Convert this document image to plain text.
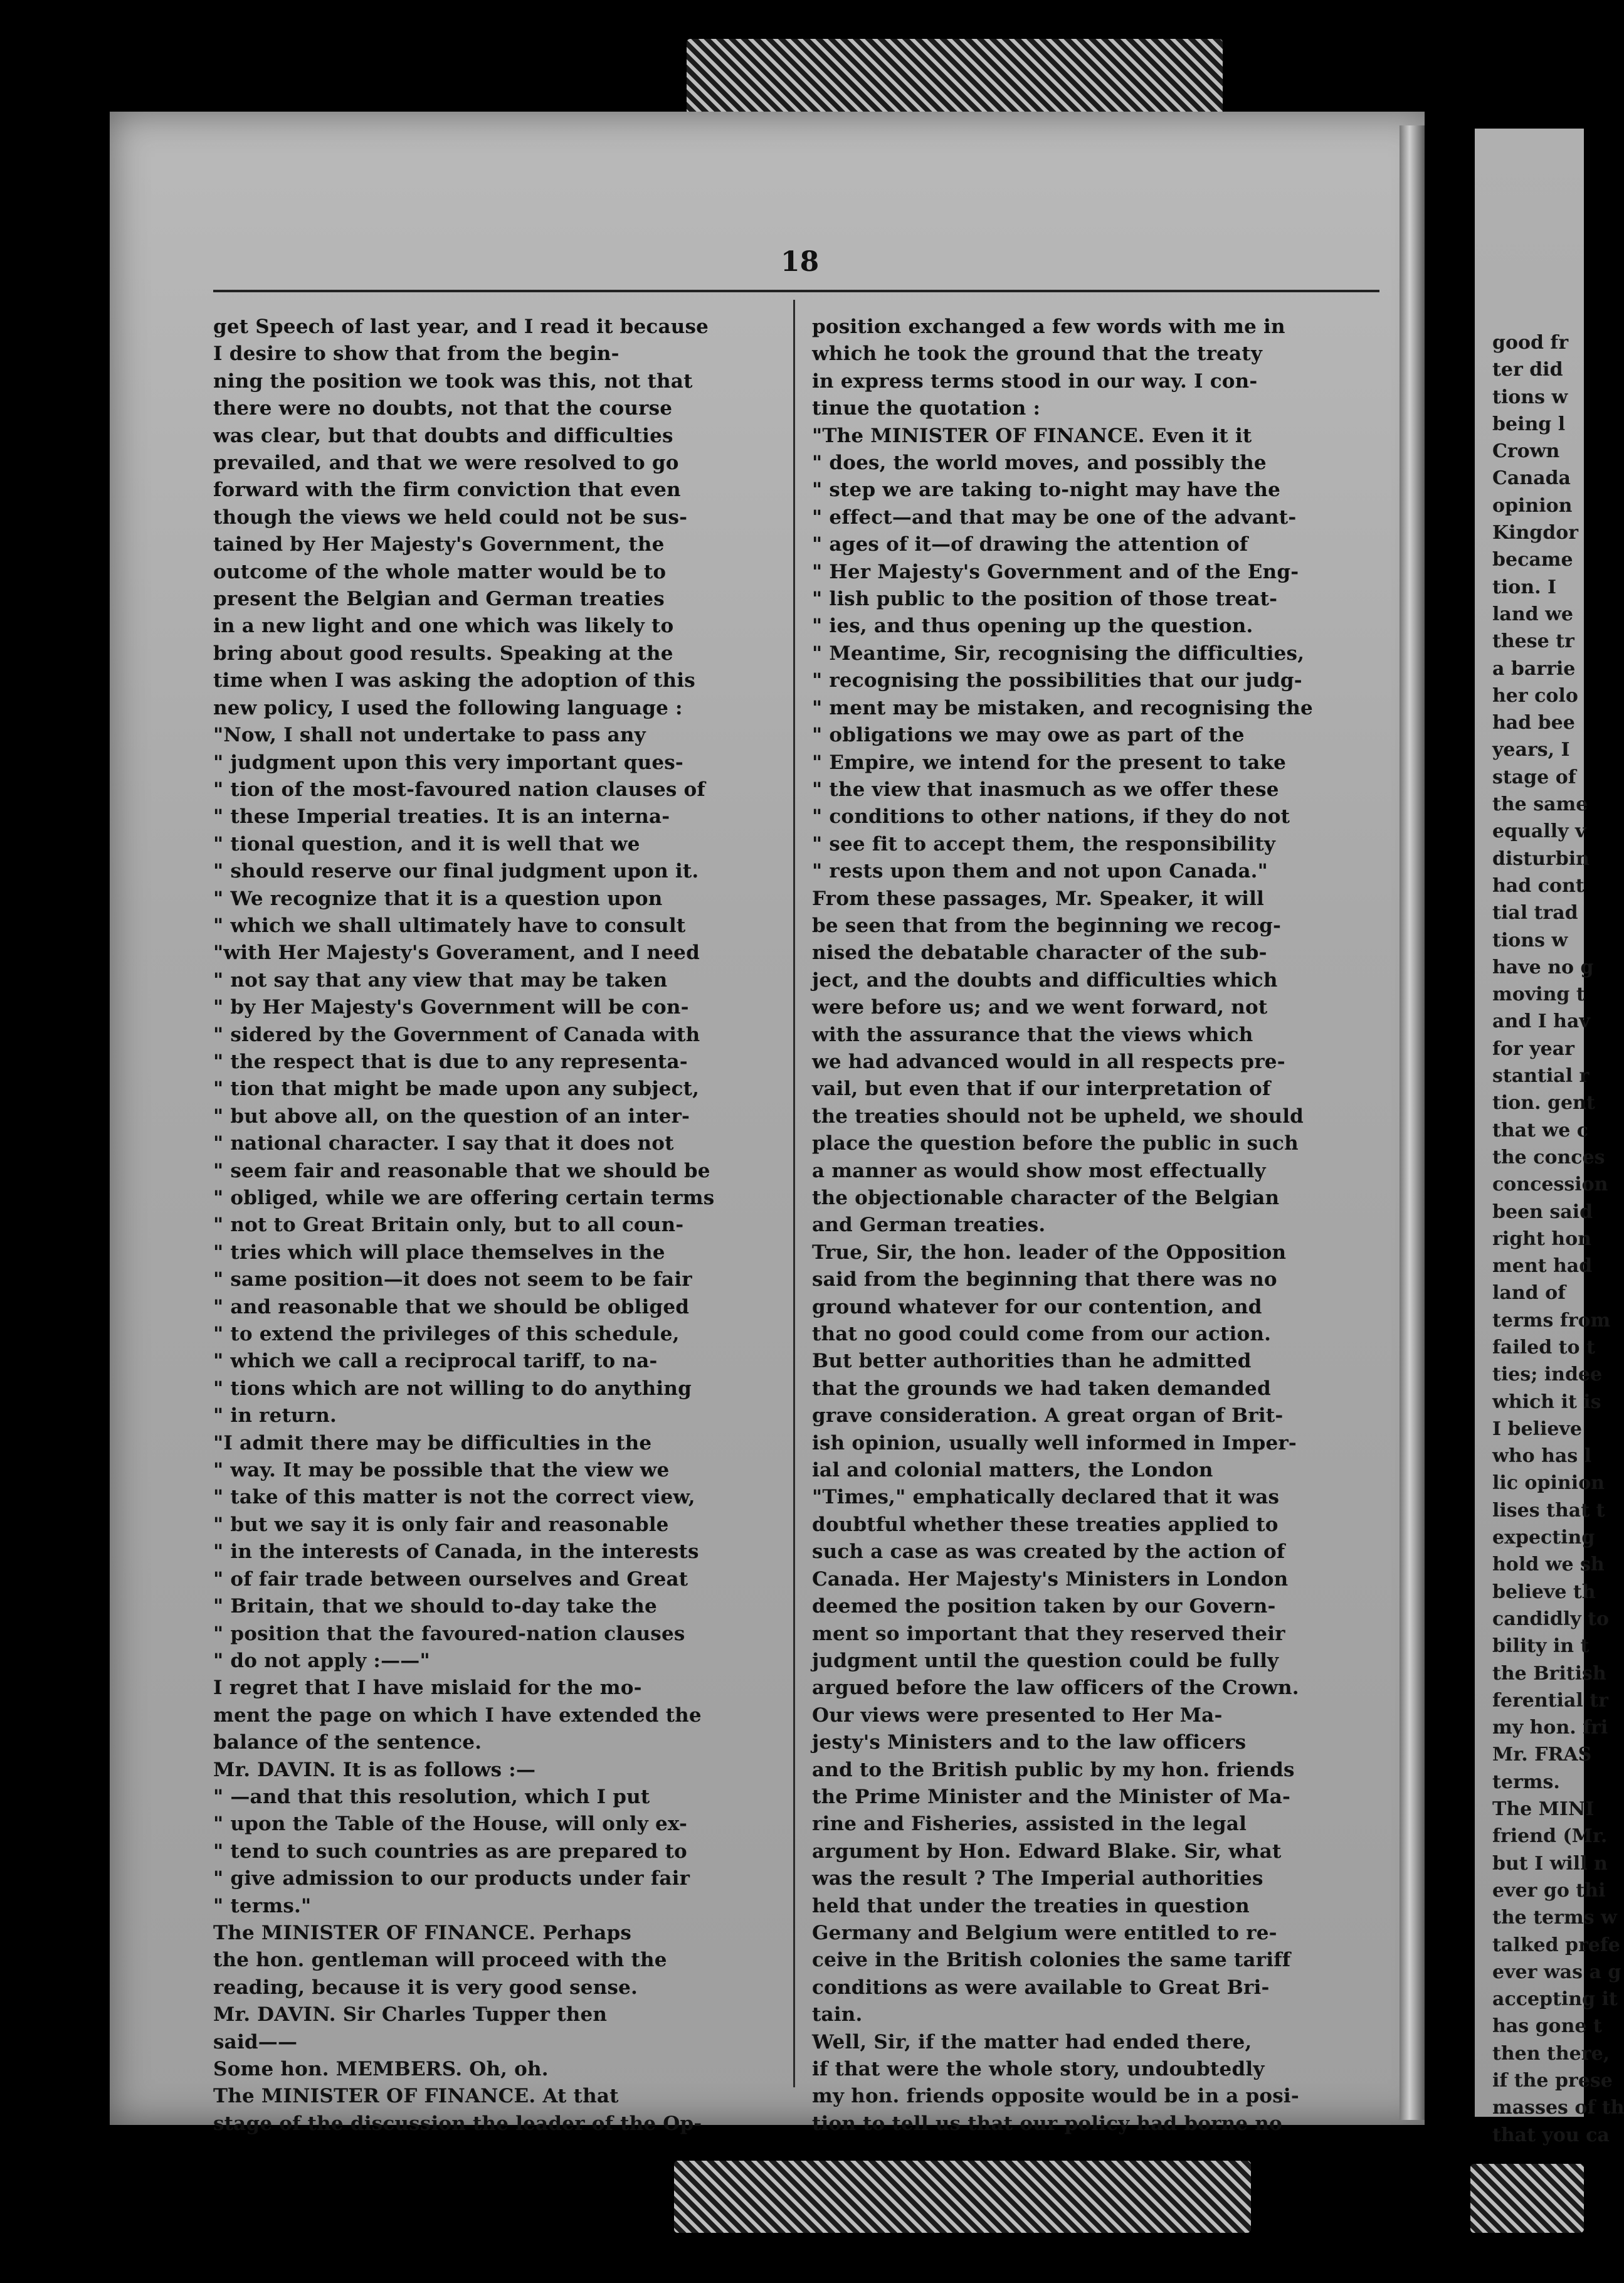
18
get Speech of last year, and I read it because
I desire to show that from the begin-
ning the position we took was this, not that
there were no doubts, not that the course
was clear, but that doubts and difficulties
prevailed, and that we were resolved to go
forward with the firm conviction that even
though the views we held could not be sus-
tained by Her Majesty's Government, the
outcome of the whole matter would be to
present the Belgian and German treaties
in a new light and one which was likely to
bring about good results. Speaking at the
time when I was asking the adoption of this
new policy, I used the following language :
"Now, I shall not undertake to pass any
" judgment upon this very important ques-
" tion of the most-favoured nation clauses of
" these Imperial treaties. It is an interna-
" tional question, and it is well that we
" should reserve our final judgment upon it.
" We recognize that it is a question upon
" which we shall ultimately have to consult
"with Her Majesty's Goverament, and I need
" not say that any view that may be taken
" by Her Majesty's Government will be con-
" sidered by the Government of Canada with
" the respect that is due to any representa-
" tion that might be made upon any subject,
" but above all, on the question of an inter-
" national character. I say that it does not
" seem fair and reasonable that we should be
" obliged, while we are offering certain terms
" not to Great Britain only, but to all coun-
" tries which will place themselves in the
" same position—it does not seem to be fair
" and reasonable that we should be obliged
" to extend the privileges of this schedule,
" which we call a reciprocal tariff, to na-
" tions which are not willing to do anything
" in return.
"I admit there may be difficulties in the
" way. It may be possible that the view we
" take of this matter is not the correct view,
" but we say it is only fair and reasonable
" in the interests of Canada, in the interests
" of fair trade between ourselves and Great
" Britain, that we should to-day take the
" position that the favoured-nation clauses
" do not apply :——"
I regret that I have mislaid for the mo-
ment the page on which I have extended the
balance of the sentence.
Mr. DAVIN. It is as follows :—
" —and that this resolution, which I put
" upon the Table of the House, will only ex-
" tend to such countries as are prepared to
" give admission to our products under fair
" terms."
The MINISTER OF FINANCE. Perhaps
the hon. gentleman will proceed with the
reading, because it is very good sense.
Mr. DAVIN. Sir Charles Tupper then
said——
Some hon. MEMBERS. Oh, oh.
The MINISTER OF FINANCE. At that
stage of the discussion the leader of the Op-
position exchanged a few words with me in
which he took the ground that the treaty
in express terms stood in our way. I con-
tinue the quotation :
"The MINISTER OF FINANCE. Even it it
" does, the world moves, and possibly the
" step we are taking to-night may have the
" effect—and that may be one of the advant-
" ages of it—of drawing the attention of
" Her Majesty's Government and of the Eng-
" lish public to the position of those treat-
" ies, and thus opening up the question.
" Meantime, Sir, recognising the difficulties,
" recognising the possibilities that our judg-
" ment may be mistaken, and recognising the
" obligations we may owe as part of the
" Empire, we intend for the present to take
" the view that inasmuch as we offer these
" conditions to other nations, if they do not
" see fit to accept them, the responsibility
" rests upon them and not upon Canada."
From these passages, Mr. Speaker, it will
be seen that from the beginning we recog-
nised the debatable character of the sub-
ject, and the doubts and difficulties which
were before us; and we went forward, not
with the assurance that the views which
we had advanced would in all respects pre-
vail, but even that if our interpretation of
the treaties should not be upheld, we should
place the question before the public in such
a manner as would show most effectually
the objectionable character of the Belgian
and German treaties.
True, Sir, the hon. leader of the Opposition
said from the beginning that there was no
ground whatever for our contention, and
that no good could come from our action.
But better authorities than he admitted
that the grounds we had taken demanded
grave consideration. A great organ of Brit-
ish opinion, usually well informed in Imper-
ial and colonial matters, the London
"Times," emphatically declared that it was
doubtful whether these treaties applied to
such a case as was created by the action of
Canada. Her Majesty's Ministers in London
deemed the position taken by our Govern-
ment so important that they reserved their
judgment until the question could be fully
argued before the law officers of the Crown.
Our views were presented to Her Ma-
jesty's Ministers and to the law officers
and to the British public by my hon. friends
the Prime Minister and the Minister of Ma-
rine and Fisheries, assisted in the legal
argument by Hon. Edward Blake. Sir, what
was the result ? The Imperial authorities
held that under the treaties in question
Germany and Belgium were entitled to re-
ceive in the British colonies the same tariff
conditions as were available to Great Bri-
tain.
Well, Sir, if the matter had ended there,
if that were the whole story, undoubtedly
my hon. friends opposite would be in a posi-
tion to tell us that our policy had borne no
good fr
ter did
tions w
being l
Crown
Canada
opinion
Kingdor
became
tion. I
land we
these tr
a barrie
her colo
had bee
years, I
stage of
the same
equally v
disturbin
had cont
tial trad
tions w
have no g
moving t
and I hav
for year
stantial r
tion. gent
that we c
the conces
concession
been said
right hon
ment had
land of
terms from
failed to t
ties; indee
which it is
I believe
who has l
lic opinion
lises that t
expecting
hold we sh
believe th
candidly to
bility in t
the British
ferential tr
my hon. fri
Mr. FRAS
terms.
The MINI
friend (Mr.
but I will n
ever go thi
the terms w
talked prefe
ever was a g
accepting it
has gone t
then there,
if the prese
masses of th
that you ca
